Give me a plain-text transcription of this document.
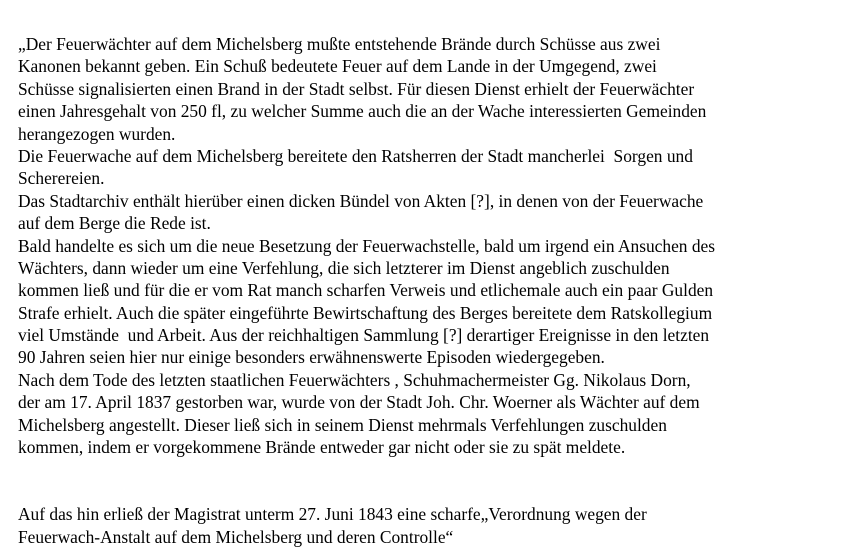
„Der Feuerwächter auf dem Michelsberg mußte entstehende Brände durch Schüsse aus zwei
Kanonen bekannt geben. Ein Schuß bedeutete Feuer auf dem Lande in der Umgegend, zwei
Schüsse signalisierten einen Brand in der Stadt selbst. Für diesen Dienst erhielt der Feuerwächter
einen Jahresgehalt von 250 fl, zu welcher Summe auch die an der Wache interessierten Gemeinden
herangezogen wurden.
Die Feuerwache auf dem Michelsberg bereitete den Ratsherren der Stadt mancherlei  Sorgen und
Scherereien.
Das Stadtarchiv enthält hierüber einen dicken Bündel von Akten [?], in denen von der Feuerwache
auf dem Berge die Rede ist.
Bald handelte es sich um die neue Besetzung der Feuerwachstelle, bald um irgend ein Ansuchen des
Wächters, dann wieder um eine Verfehlung, die sich letzterer im Dienst angeblich zuschulden
kommen ließ und für die er vom Rat manch scharfen Verweis und etlichemale auch ein paar Gulden
Strafe erhielt. Auch die später eingeführte Bewirtschaftung des Berges bereitete dem Ratskollegium
viel Umstände  und Arbeit. Aus der reichhaltigen Sammlung [?] derartiger Ereignisse in den letzten
90 Jahren seien hier nur einige besonders erwähnenswerte Episoden wiedergegeben.
Nach dem Tode des letzten staatlichen Feuerwächters , Schuhmachermeister Gg. Nikolaus Dorn,
der am 17. April 1837 gestorben war, wurde von der Stadt Joh. Chr. Woerner als Wächter auf dem
Michelsberg angestellt. Dieser ließ sich in seinem Dienst mehrmals Verfehlungen zuschulden
kommen, indem er vorgekommene Brände entweder gar nicht oder sie zu spät meldete.
Auf das hin erließ der Magistrat unterm 27. Juni 1843 eine scharfe„Verordnung wegen der
Feuerwach-Anstalt auf dem Michelsberg und deren Controlle“
